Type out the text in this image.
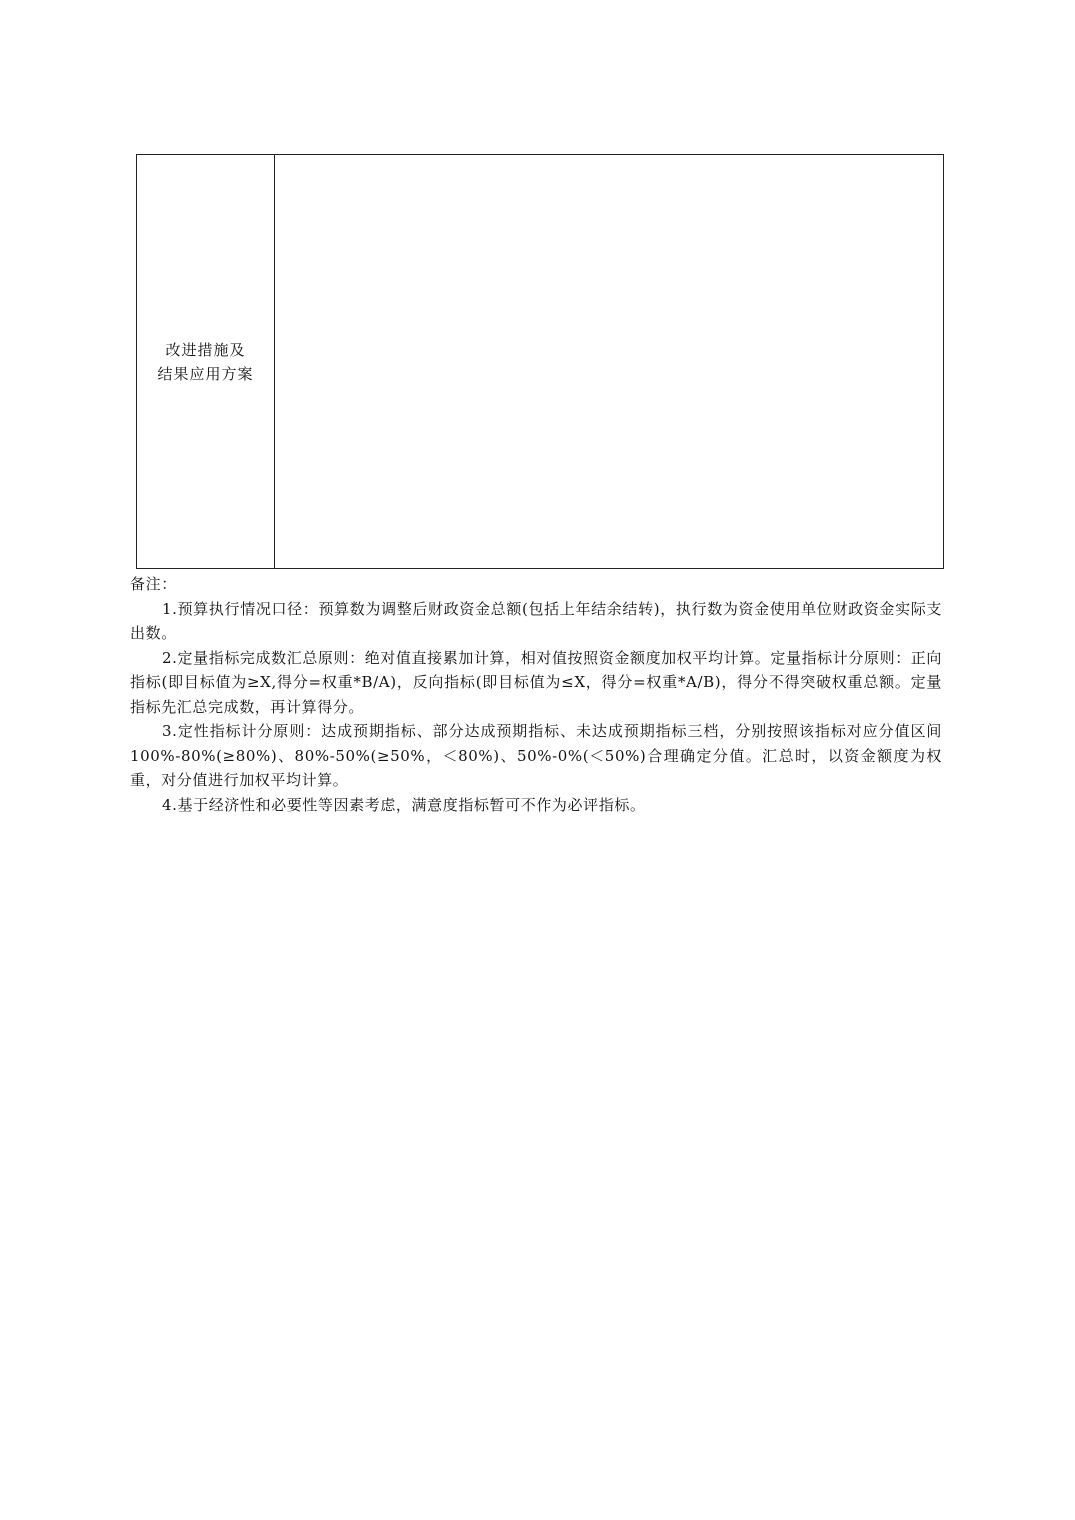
改进措施及
结果应用方案

备注：

1.预算执行情况口径：预算数为调整后财政资金总额(包括上年结余结转)，执行数为资金使用单位财政资金实际支出数。

2.定量指标完成数汇总原则：绝对值直接累加计算，相对值按照资金额度加权平均计算。定量指标计分原则：正向指标(即目标值为≥X,得分=权重*B/A)，反向指标(即目标值为≤X，得分=权重*A/B)，得分不得突破权重总额。定量指标先汇总完成数，再计算得分。

3.定性指标计分原则：达成预期指标、部分达成预期指标、未达成预期指标三档，分别按照该指标对应分值区间100%-80%(≥80%)、80%-50%(≥50%，＜80%)、50%-0%(＜50%)合理确定分值。汇总时，以资金额度为权重，对分值进行加权平均计算。

4.基于经济性和必要性等因素考虑，满意度指标暂可不作为必评指标。
